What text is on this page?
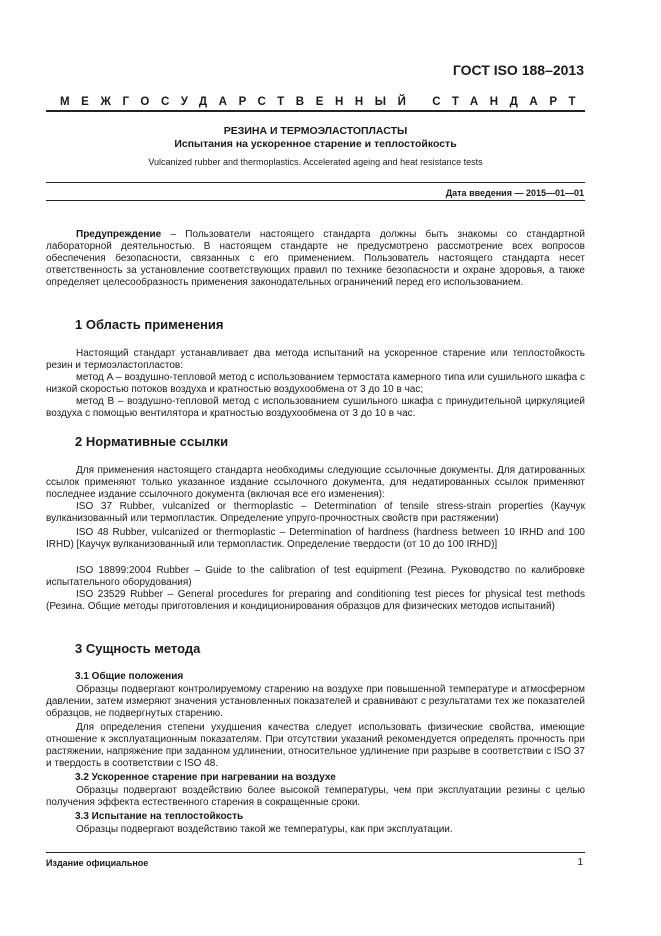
ГОСТ ISO 188–2013
МЕЖГОСУДАРСТВЕННЫЙ СТАНДАРТ
РЕЗИНА И ТЕРМОЭЛАСТОПЛАСТЫ
Испытания на ускоренное старение и теплостойкость
Vulcanized rubber and thermoplastics. Accelerated ageing and heat resistance tests
Дата введения — 2015—01—01
Предупреждение – Пользователи настоящего стандарта должны быть знакомы со стандартной лабораторной деятельностью. В настоящем стандарте не предусмотрено рассмотрение всех вопросов обеспечения безопасности, связанных с его применением. Пользователь настоящего стандарта несет ответственность за установление соответствующих правил по технике безопасности и охране здоровья, а также определяет целесообразность применения законодательных ограничений перед его использованием.
1 Область применения
Настоящий стандарт устанавливает два метода испытаний на ускоренное старение или теплостойкость резин и термоэластопластов:
метод А – воздушно-тепловой метод с использованием термостата камерного типа или сушильного шкафа с низкой скоростью потоков воздуха и кратностью воздухообмена от 3 до 10 в час;
метод В – воздушно-тепловой метод с использованием сушильного шкафа с принудительной циркуляцией воздуха с помощью вентилятора и кратностью воздухообмена от 3 до 10 в час.
2 Нормативные ссылки
Для применения настоящего стандарта необходимы следующие ссылочные документы. Для датированных ссылок применяют только указанное издание ссылочного документа, для недатированных ссылок применяют последнее издание ссылочного документа (включая все его изменения):
ISO 37 Rubber, vulcanized or thermoplastic – Determination of tensile stress-strain properties (Каучук вулканизованный или термопластик. Определение упруго-прочностных свойств при растяжении)
ISO 48 Rubber, vulcanized or thermoplastic – Determination of hardness (hardness between 10 IRHD and 100 IRHD) [Каучук вулканизованный или термопластик. Определение твердости (от 10 до 100 IRHD)]
ISO 18899:2004 Rubber – Guide to the calibration of test equipment (Резина. Руководство по калибровке испытательного оборудования)
ISO 23529 Rubber – General procedures for preparing and conditioning test pieces for physical test methods (Резина. Общие методы приготовления и кондиционирования образцов для физических методов испытаний)
3 Сущность метода
3.1 Общие положения
Образцы подвергают контролируемому старению на воздухе при повышенной температуре и атмосферном давлении, затем измеряют значения установленных показателей и сравнивают с результатами тех же показателей образцов, не подвергнутых старению.
Для определения степени ухудшения качества следует использовать физические свойства, имеющие отношение к эксплуатационным показателям. При отсутствии указаний рекомендуется определять прочность при растяжении, напряжение при заданном удлинении, относительное удлинение при разрыве в соответствии с ISO 37 и твердость в соответствии с ISO 48.
3.2 Ускоренное старение при нагревании на воздухе
Образцы подвергают воздействию более высокой температуры, чем при эксплуатации резины с целью получения эффекта естественного старения в сокращенные сроки.
3.3 Испытание на теплостойкость
Образцы подвергают воздействию такой же температуры, как при эксплуатации.
Издание официальное	1
